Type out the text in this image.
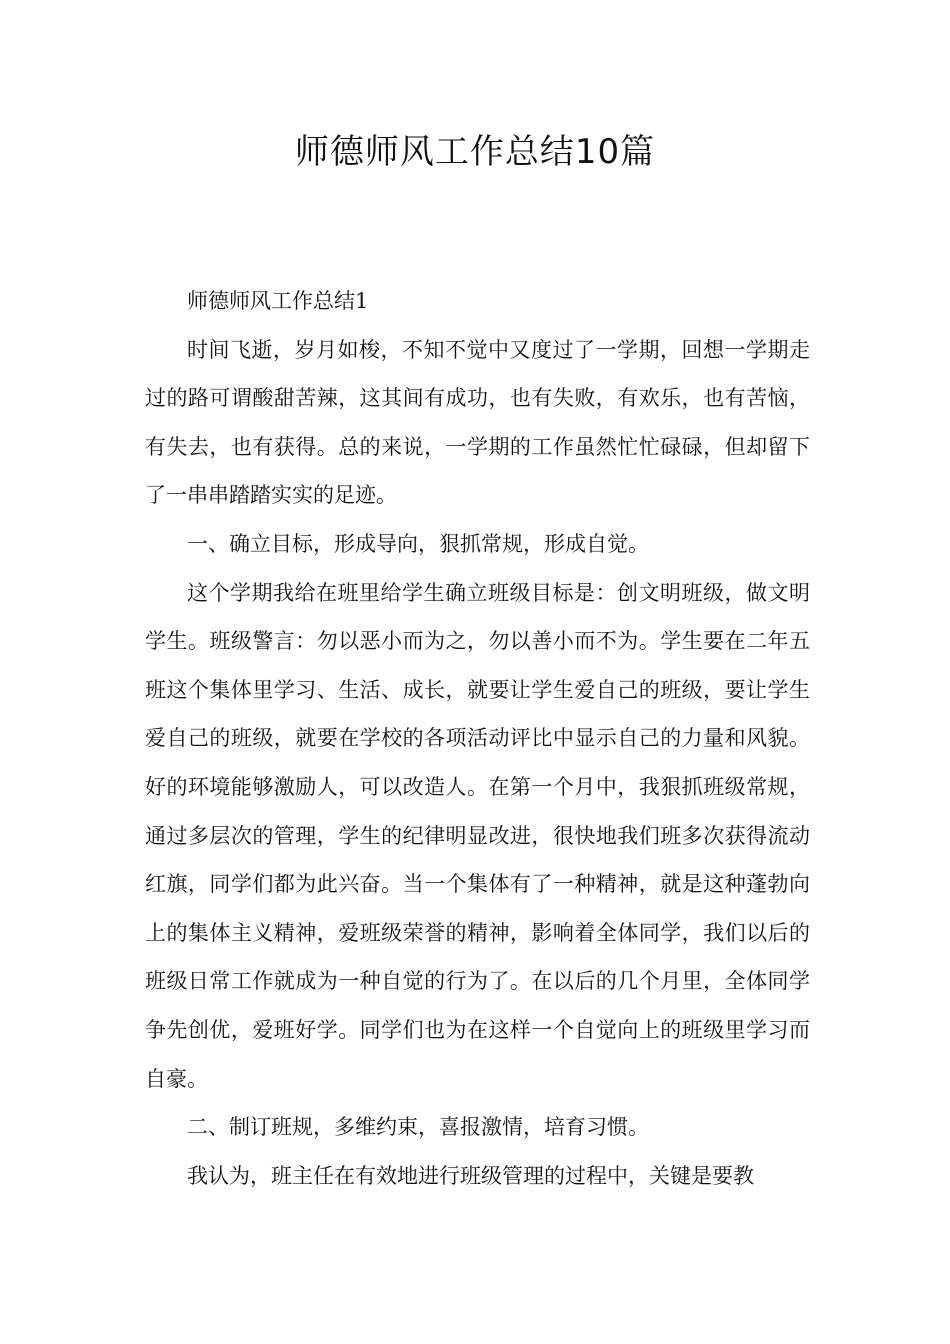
师德师风工作总结10篇

师德师风工作总结1

时间飞逝，岁月如梭，不知不觉中又度过了一学期，回想一学期走过的路可谓酸甜苦辣，这其间有成功，也有失败，有欢乐，也有苦恼，有失去，也有获得。总的来说，一学期的工作虽然忙忙碌碌，但却留下了一串串踏踏实实的足迹。

一、确立目标，形成导向，狠抓常规，形成自觉。

这个学期我给在班里给学生确立班级目标是：创文明班级，做文明学生。班级警言：勿以恶小而为之，勿以善小而不为。学生要在二年五班这个集体里学习、生活、成长，就要让学生爱自己的班级，要让学生爱自己的班级，就要在学校的各项活动评比中显示自己的力量和风貌。好的环境能够激励人，可以改造人。在第一个月中，我狠抓班级常规，通过多层次的管理，学生的纪律明显改进，很快地我们班多次获得流动红旗，同学们都为此兴奋。当一个集体有了一种精神，就是这种蓬勃向上的集体主义精神，爱班级荣誉的精神，影响着全体同学，我们以后的班级日常工作就成为一种自觉的行为了。在以后的几个月里，全体同学争先创优，爱班好学。同学们也为在这样一个自觉向上的班级里学习而自豪。

二、制订班规，多维约束，喜报激情，培育习惯。

我认为，班主任在有效地进行班级管理的过程中，关键是要教
